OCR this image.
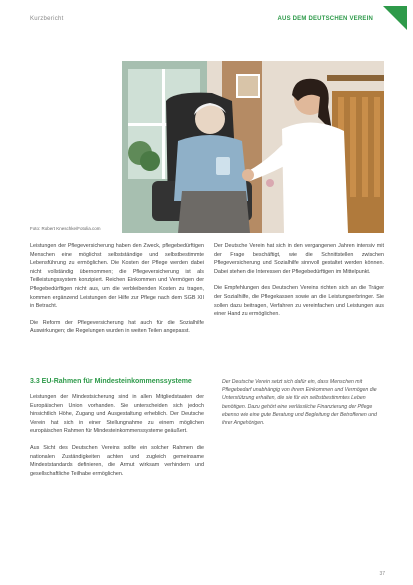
Kurzbericht	AUS DEM DEUTSCHEN VEREIN
Foto: Robert Kneschke/Fotolia.com

Leistungen der Pflegeversicherung haben den Zweck, pflegebedürftigen Menschen eine möglichst selbstständige und selbstbestimmte Lebensführung zu ermöglichen. Die Kosten der Pflege werden dabei nicht vollständig übernommen; die Pflegeversicherung ist als Teilleistungssystem konzipiert. Reichen Einkommen und Vermögen der Pflegebedürftigen nicht aus, um die verbleibenden Kosten zu tragen, kommen ergänzend Leistungen der Hilfe zur Pflege nach dem SGB XII in Betracht.

Die Reform der Pflegeversicherung hat auch für die Sozialhilfe Auswirkungen; die Regelungen wurden in weiten Teilen angepasst.

3.3 EU-Rahmen für Mindesteinkommenssysteme

Leistungen der Mindestsicherung sind in allen Mitgliedstaaten der Europäischen Union vorhanden. Sie unterscheiden sich jedoch hinsichtlich Höhe, Zugang und Ausgestaltung erheblich. Der Deutsche Verein hat sich in einer Stellungnahme zu einem möglichen europäischen Rahmen für Mindesteinkommenssysteme geäußert.

Aus Sicht des Deutschen Vereins sollte ein solcher Rahmen die nationalen Zuständigkeiten achten und zugleich gemeinsame Mindeststandards definieren, die Armut wirksam verhindern und gesellschaftliche Teilhabe ermöglichen.

Der Deutsche Verein hat sich in den vergangenen Jahren intensiv mit der Frage beschäftigt, wie die Schnittstellen zwischen Pflegeversicherung und Sozialhilfe sinnvoll gestaltet werden können. Dabei stehen die Interessen der Pflegebedürftigen im Mittelpunkt.

Die Empfehlungen des Deutschen Vereins richten sich an die Träger der Sozialhilfe, die Pflegekassen sowie an die Leistungserbringer. Sie sollen dazu beitragen, Verfahren zu vereinfachen und Leistungen aus einer Hand zu ermöglichen.

Der Deutsche Verein setzt sich dafür ein, dass Menschen mit Pflegebedarf unabhängig von ihrem Einkommen und Vermögen die Unterstützung erhalten, die sie für ein selbstbestimmtes Leben benötigen. Dazu gehört eine verlässliche Finanzierung der Pflege ebenso wie eine gute Beratung und Begleitung der Betroffenen und ihrer Angehörigen.
37
